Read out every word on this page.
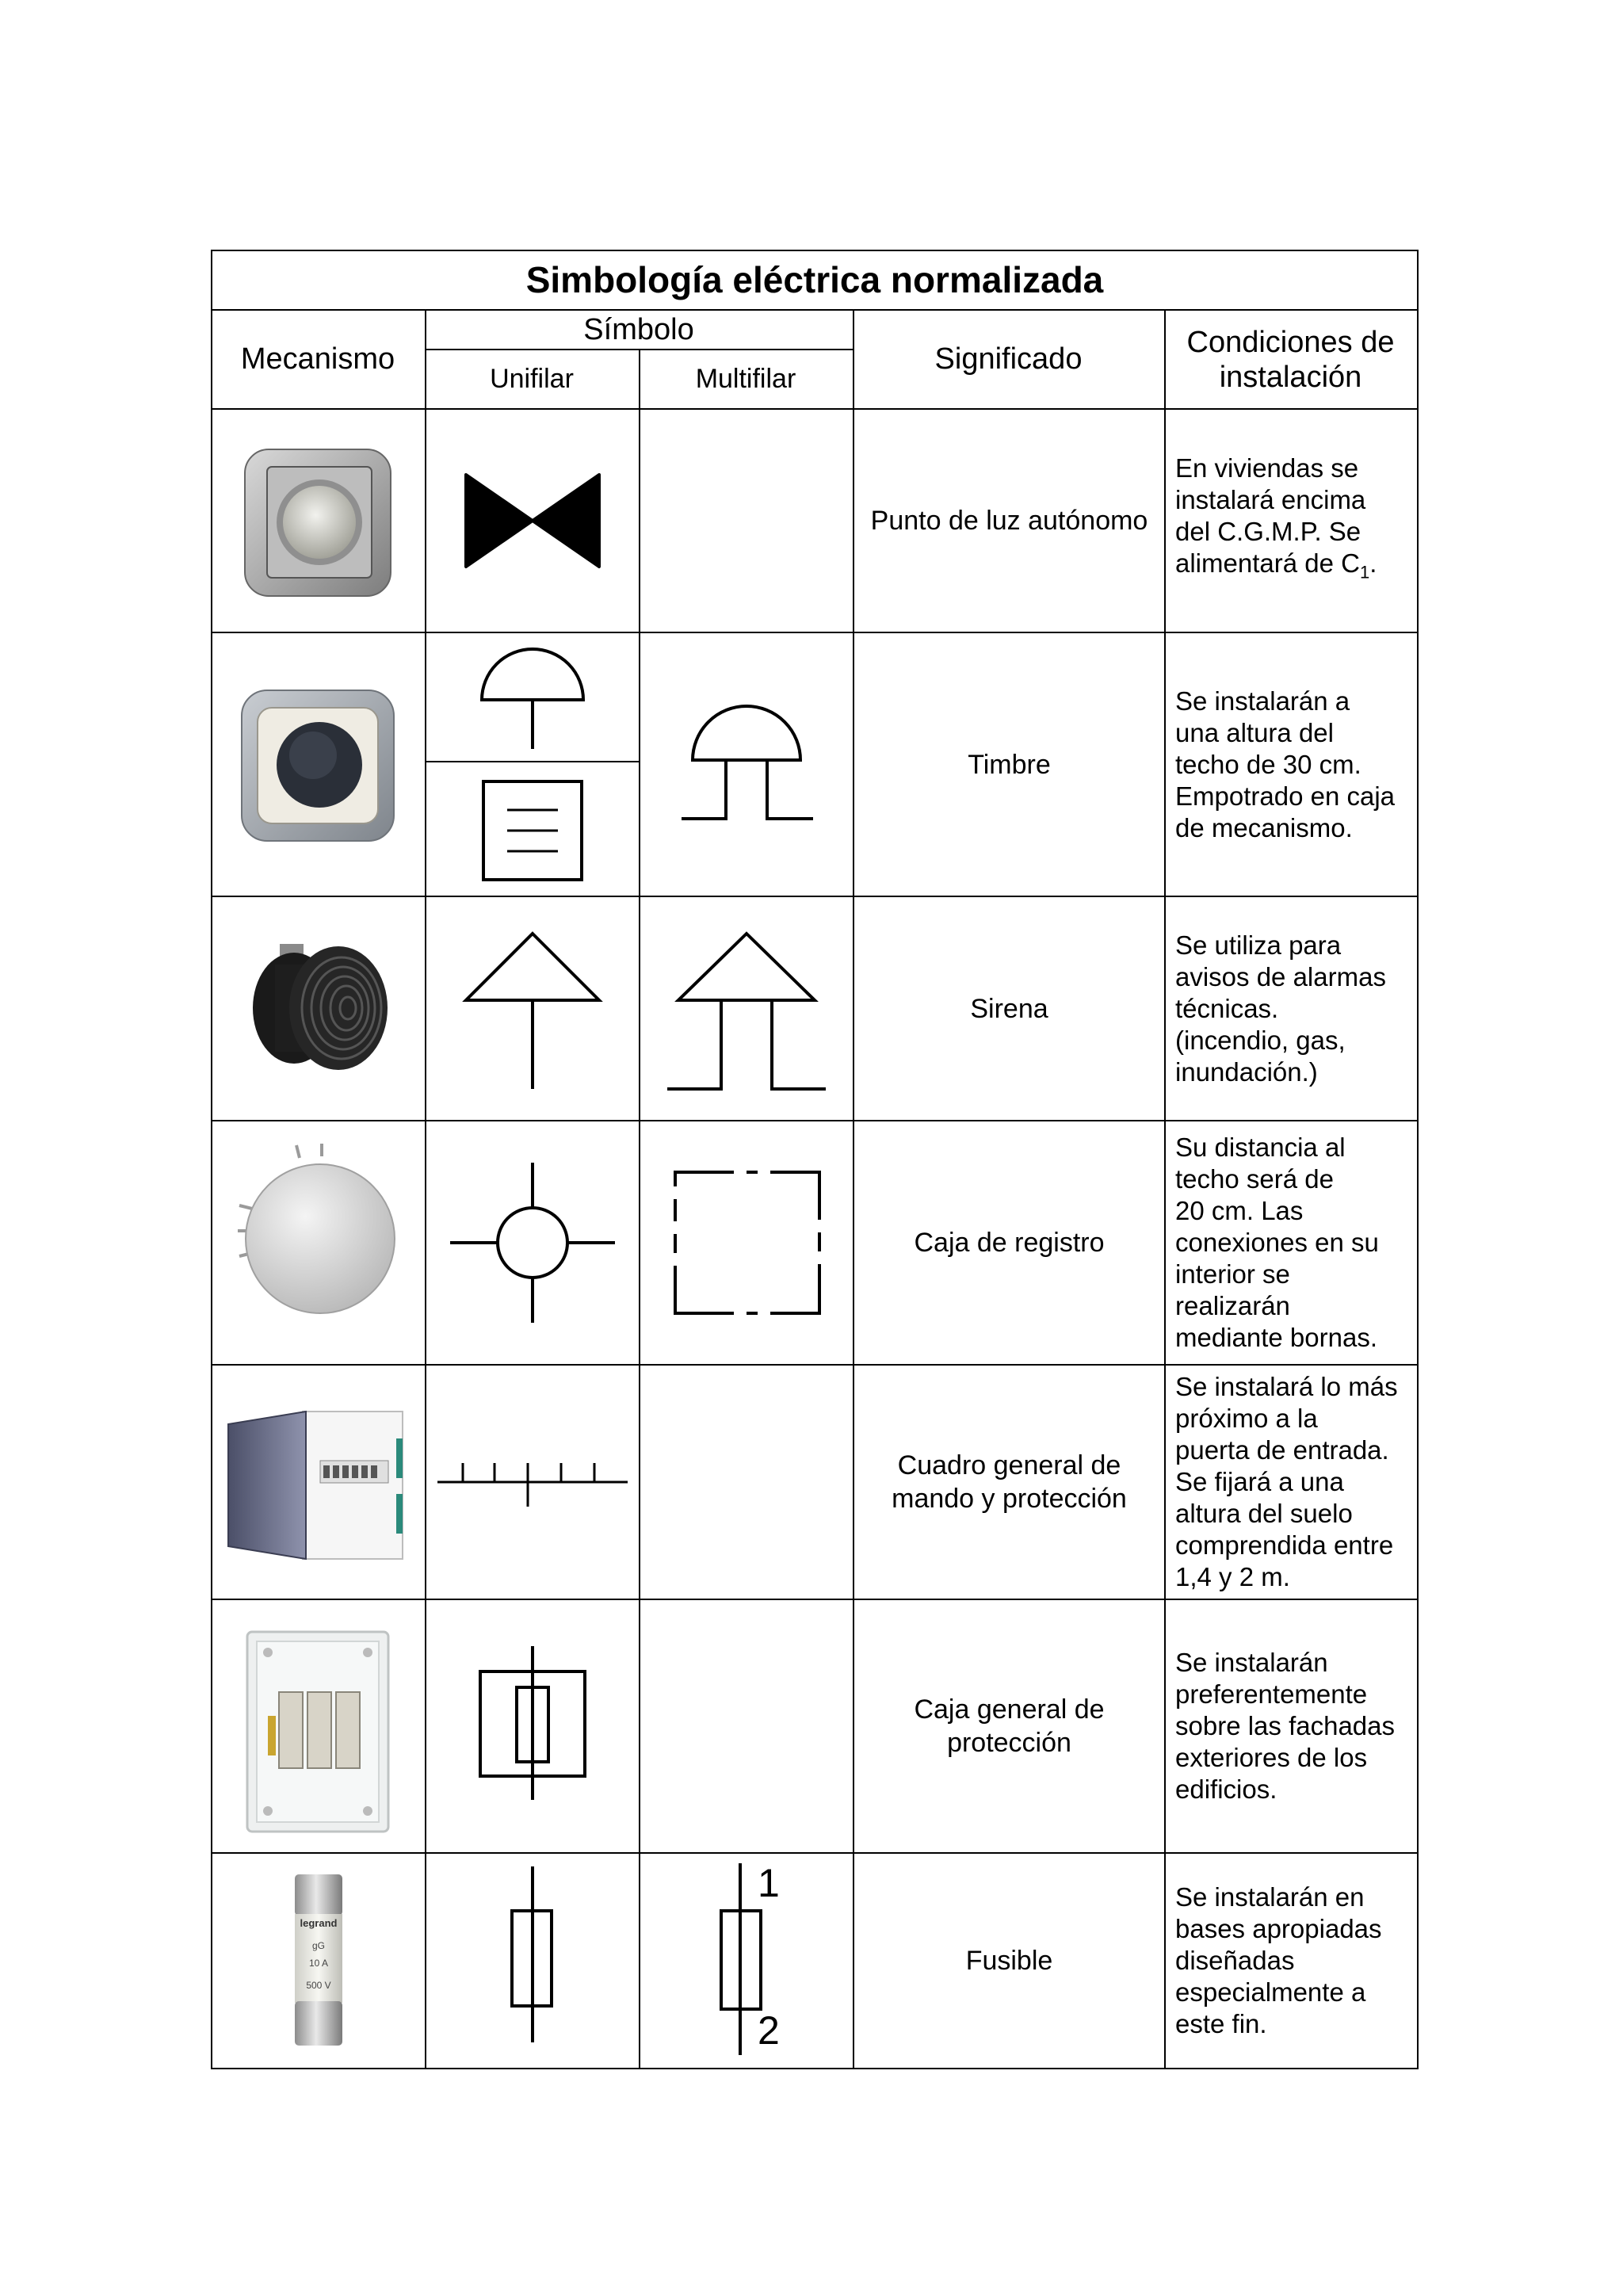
Simbología eléctrica normalizada
Mecanismo
Símbolo
Unifilar	Multifilar
Significado
Condiciones de instalación
Punto de luz autónomo
En viviendas se
instalará encima
del C.G.M.P. Se
alimentará de $C_1$.
Timbre
Se instalarán a
una altura del
techo de 30 cm.
Empotrado en caja
de mecanismo.
Sirena
Se utiliza para
avisos de alarmas
técnicas.
(incendio, gas,
inundación.)
Caja de registro
Su distancia al
techo será de
20 cm. Las
conexiones en su
interior se
realizarán
mediante bornas.
Cuadro general de mando y protección
Se instalará lo más
próximo a la
puerta de entrada.
Se fijará a una
altura del suelo
comprendida entre
1,4 y 2 m.
Caja general de protección
Se instalarán
preferentemente
sobre las fachadas
exteriores de los
edificios.
legrand
gG
10 A
500 V
1
2
Fusible
Se instalarán en
bases apropiadas
diseñadas
especialmente a
este fin.
